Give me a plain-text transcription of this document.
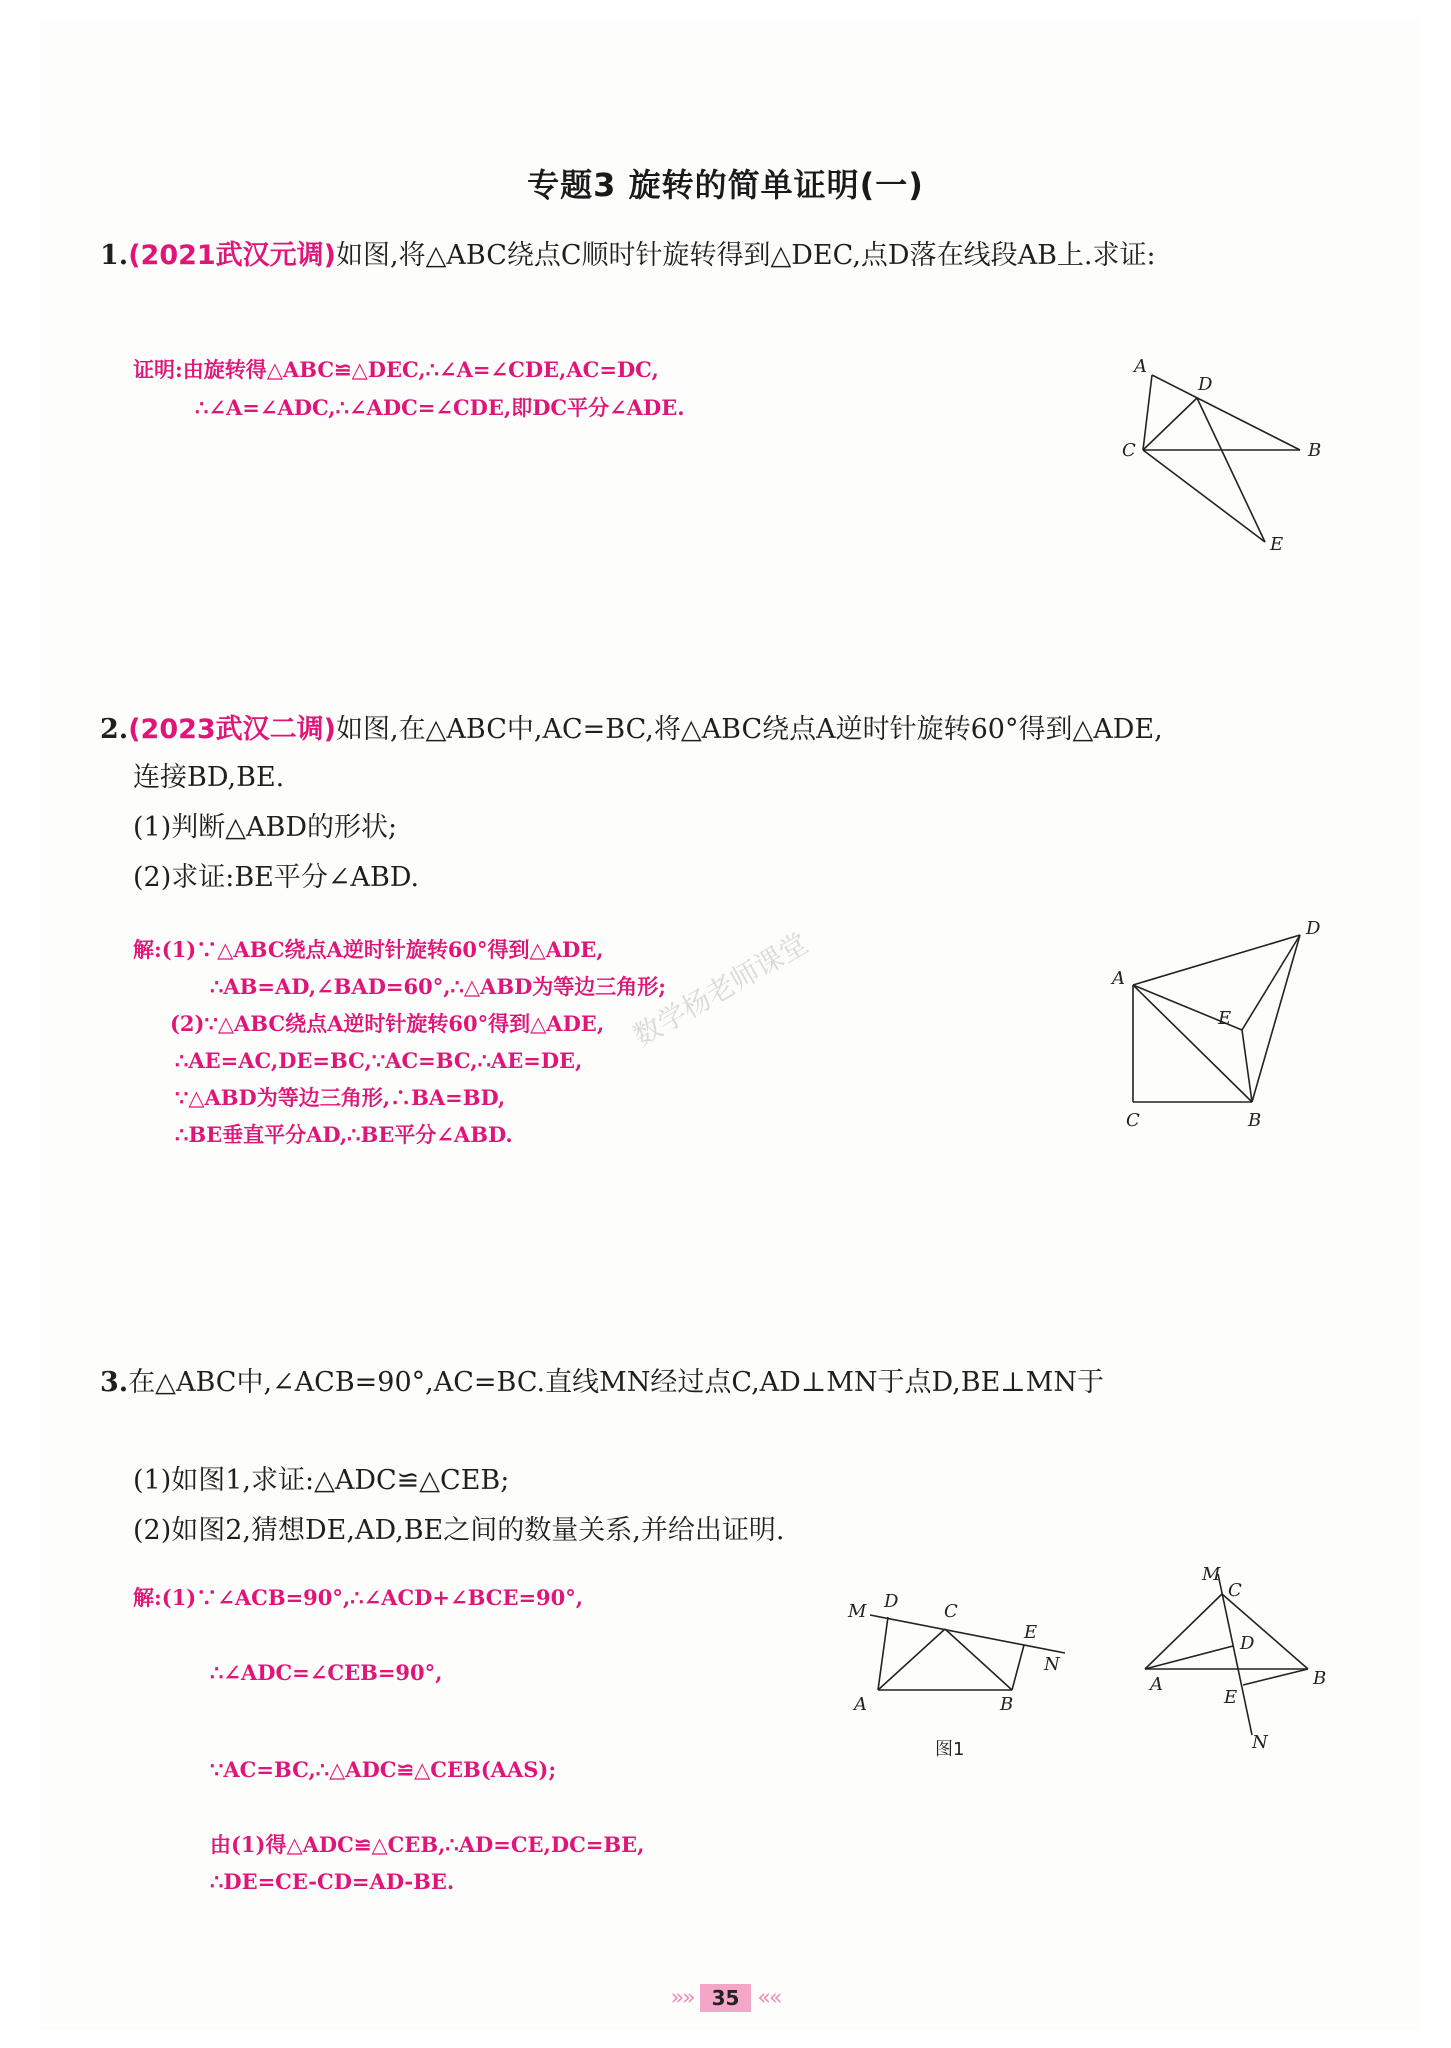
专题3 旋转的简单证明(一)
1.(2021武汉元调)如图,将△ABC绕点C顺时针旋转得到△DEC,点D落在线段AB上.求证:
证明:由旋转得△ABC≌△DEC,∴∠A=∠CDE,AC=DC,
∴∠A=∠ADC,∴∠ADC=∠CDE,即DC平分∠ADE.
A
D
C	B
E
2.(2023武汉二调)如图,在△ABC中,AC=BC,将△ABC绕点A逆时针旋转60°得到△ADE,
连接BD,BE.
(1)判断△ABD的形状;
(2)求证:BE平分∠ABD.
解:(1)∵△ABC绕点A逆时针旋转60°得到△ADE,
∴AB=AD,∠BAD=60°,∴△ABD为等边三角形;
(2)∵△ABC绕点A逆时针旋转60°得到△ADE,
∴AE=AC,DE=BC,∵AC=BC,∴AE=DE,
∵△ABD为等边三角形,∴BA=BD,
∴BE垂直平分AD,∴BE平分∠ABD.
数学杨老师课堂	D
A
E
C	B
3.在△ABC中,∠ACB=90°,AC=BC.直线MN经过点C,AD⊥MN于点D,BE⊥MN于
(1)如图1,求证:△ADC≌△CEB;
(2)如图2,猜想DE,AD,BE之间的数量关系,并给出证明.
解:(1)∵∠ACB=90°,∴∠ACD+∠BCE=90°,
∴∠ADC=∠CEB=90°,
∵AC=BC,∴△ADC≌△CEB(AAS);
由(1)得△ADC≌△CEB,∴AD=CE,DC=BE,
∴DE=CE-CD=AD-BE.
M D	C
E
N
A	B
图1
M
C
D
A
E
B
N
»» 35 ««
